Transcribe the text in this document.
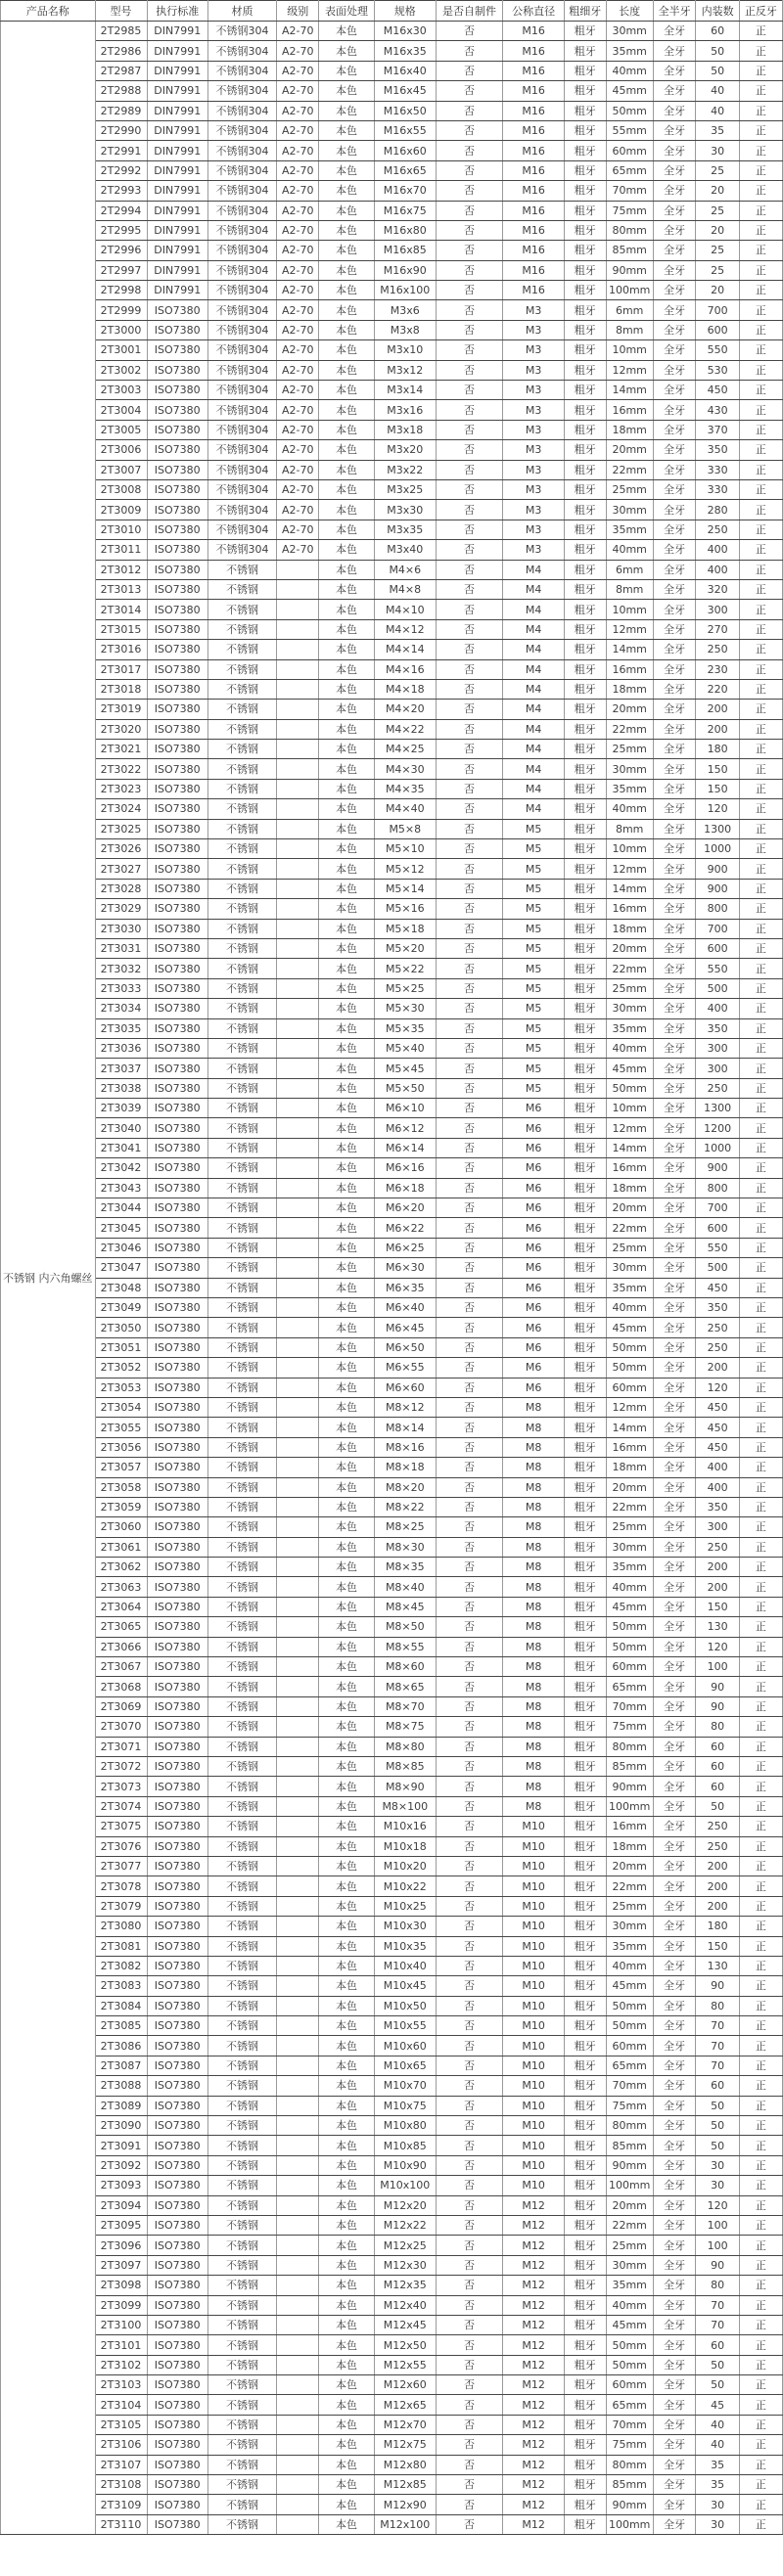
产品名称	型号	执行标准	材质	级别	表面处理	规格	是否自制件	公称直径	粗细牙	长度	全半牙	内装数	正反牙
不锈钢 内六角螺丝	2T2985	DIN7991	不锈钢304	A2-70	本色	M16x30	否	M16	粗牙	30mm	全牙	60	正
	2T2986	DIN7991	不锈钢304	A2-70	本色	M16x35	否	M16	粗牙	35mm	全牙	50	正
	2T2987	DIN7991	不锈钢304	A2-70	本色	M16x40	否	M16	粗牙	40mm	全牙	50	正
	2T2988	DIN7991	不锈钢304	A2-70	本色	M16x45	否	M16	粗牙	45mm	全牙	40	正
	2T2989	DIN7991	不锈钢304	A2-70	本色	M16x50	否	M16	粗牙	50mm	全牙	40	正
	2T2990	DIN7991	不锈钢304	A2-70	本色	M16x55	否	M16	粗牙	55mm	全牙	35	正
	2T2991	DIN7991	不锈钢304	A2-70	本色	M16x60	否	M16	粗牙	60mm	全牙	30	正
	2T2992	DIN7991	不锈钢304	A2-70	本色	M16x65	否	M16	粗牙	65mm	全牙	25	正
	2T2993	DIN7991	不锈钢304	A2-70	本色	M16x70	否	M16	粗牙	70mm	全牙	20	正
	2T2994	DIN7991	不锈钢304	A2-70	本色	M16x75	否	M16	粗牙	75mm	全牙	25	正
	2T2995	DIN7991	不锈钢304	A2-70	本色	M16x80	否	M16	粗牙	80mm	全牙	20	正
	2T2996	DIN7991	不锈钢304	A2-70	本色	M16x85	否	M16	粗牙	85mm	全牙	25	正
	2T2997	DIN7991	不锈钢304	A2-70	本色	M16x90	否	M16	粗牙	90mm	全牙	25	正
	2T2998	DIN7991	不锈钢304	A2-70	本色	M16x100	否	M16	粗牙	100mm	全牙	20	正
	2T2999	ISO7380	不锈钢304	A2-70	本色	M3x6	否	M3	粗牙	6mm	全牙	700	正
	2T3000	ISO7380	不锈钢304	A2-70	本色	M3x8	否	M3	粗牙	8mm	全牙	600	正
	2T3001	ISO7380	不锈钢304	A2-70	本色	M3x10	否	M3	粗牙	10mm	全牙	550	正
	2T3002	ISO7380	不锈钢304	A2-70	本色	M3x12	否	M3	粗牙	12mm	全牙	530	正
	2T3003	ISO7380	不锈钢304	A2-70	本色	M3x14	否	M3	粗牙	14mm	全牙	450	正
	2T3004	ISO7380	不锈钢304	A2-70	本色	M3x16	否	M3	粗牙	16mm	全牙	430	正
	2T3005	ISO7380	不锈钢304	A2-70	本色	M3x18	否	M3	粗牙	18mm	全牙	370	正
	2T3006	ISO7380	不锈钢304	A2-70	本色	M3x20	否	M3	粗牙	20mm	全牙	350	正
	2T3007	ISO7380	不锈钢304	A2-70	本色	M3x22	否	M3	粗牙	22mm	全牙	330	正
	2T3008	ISO7380	不锈钢304	A2-70	本色	M3x25	否	M3	粗牙	25mm	全牙	330	正
	2T3009	ISO7380	不锈钢304	A2-70	本色	M3x30	否	M3	粗牙	30mm	全牙	280	正
	2T3010	ISO7380	不锈钢304	A2-70	本色	M3x35	否	M3	粗牙	35mm	全牙	250	正
	2T3011	ISO7380	不锈钢304	A2-70	本色	M3x40	否	M3	粗牙	40mm	全牙	400	正
	2T3012	ISO7380	不锈钢		本色	M4×6	否	M4	粗牙	6mm	全牙	400	正
	2T3013	ISO7380	不锈钢		本色	M4×8	否	M4	粗牙	8mm	全牙	320	正
	2T3014	ISO7380	不锈钢		本色	M4×10	否	M4	粗牙	10mm	全牙	300	正
	2T3015	ISO7380	不锈钢		本色	M4×12	否	M4	粗牙	12mm	全牙	270	正
	2T3016	ISO7380	不锈钢		本色	M4×14	否	M4	粗牙	14mm	全牙	250	正
	2T3017	ISO7380	不锈钢		本色	M4×16	否	M4	粗牙	16mm	全牙	230	正
	2T3018	ISO7380	不锈钢		本色	M4×18	否	M4	粗牙	18mm	全牙	220	正
	2T3019	ISO7380	不锈钢		本色	M4×20	否	M4	粗牙	20mm	全牙	200	正
	2T3020	ISO7380	不锈钢		本色	M4×22	否	M4	粗牙	22mm	全牙	200	正
	2T3021	ISO7380	不锈钢		本色	M4×25	否	M4	粗牙	25mm	全牙	180	正
	2T3022	ISO7380	不锈钢		本色	M4×30	否	M4	粗牙	30mm	全牙	150	正
	2T3023	ISO7380	不锈钢		本色	M4×35	否	M4	粗牙	35mm	全牙	150	正
	2T3024	ISO7380	不锈钢		本色	M4×40	否	M4	粗牙	40mm	全牙	120	正
	2T3025	ISO7380	不锈钢		本色	M5×8	否	M5	粗牙	8mm	全牙	1300	正
	2T3026	ISO7380	不锈钢		本色	M5×10	否	M5	粗牙	10mm	全牙	1000	正
	2T3027	ISO7380	不锈钢		本色	M5×12	否	M5	粗牙	12mm	全牙	900	正
	2T3028	ISO7380	不锈钢		本色	M5×14	否	M5	粗牙	14mm	全牙	900	正
	2T3029	ISO7380	不锈钢		本色	M5×16	否	M5	粗牙	16mm	全牙	800	正
	2T3030	ISO7380	不锈钢		本色	M5×18	否	M5	粗牙	18mm	全牙	700	正
	2T3031	ISO7380	不锈钢		本色	M5×20	否	M5	粗牙	20mm	全牙	600	正
	2T3032	ISO7380	不锈钢		本色	M5×22	否	M5	粗牙	22mm	全牙	550	正
	2T3033	ISO7380	不锈钢		本色	M5×25	否	M5	粗牙	25mm	全牙	500	正
	2T3034	ISO7380	不锈钢		本色	M5×30	否	M5	粗牙	30mm	全牙	400	正
	2T3035	ISO7380	不锈钢		本色	M5×35	否	M5	粗牙	35mm	全牙	350	正
	2T3036	ISO7380	不锈钢		本色	M5×40	否	M5	粗牙	40mm	全牙	300	正
	2T3037	ISO7380	不锈钢		本色	M5×45	否	M5	粗牙	45mm	全牙	300	正
	2T3038	ISO7380	不锈钢		本色	M5×50	否	M5	粗牙	50mm	全牙	250	正
	2T3039	ISO7380	不锈钢		本色	M6×10	否	M6	粗牙	10mm	全牙	1300	正
	2T3040	ISO7380	不锈钢		本色	M6×12	否	M6	粗牙	12mm	全牙	1200	正
	2T3041	ISO7380	不锈钢		本色	M6×14	否	M6	粗牙	14mm	全牙	1000	正
	2T3042	ISO7380	不锈钢		本色	M6×16	否	M6	粗牙	16mm	全牙	900	正
	2T3043	ISO7380	不锈钢		本色	M6×18	否	M6	粗牙	18mm	全牙	800	正
	2T3044	ISO7380	不锈钢		本色	M6×20	否	M6	粗牙	20mm	全牙	700	正
	2T3045	ISO7380	不锈钢		本色	M6×22	否	M6	粗牙	22mm	全牙	600	正
	2T3046	ISO7380	不锈钢		本色	M6×25	否	M6	粗牙	25mm	全牙	550	正
	2T3047	ISO7380	不锈钢		本色	M6×30	否	M6	粗牙	30mm	全牙	500	正
	2T3048	ISO7380	不锈钢		本色	M6×35	否	M6	粗牙	35mm	全牙	450	正
	2T3049	ISO7380	不锈钢		本色	M6×40	否	M6	粗牙	40mm	全牙	350	正
	2T3050	ISO7380	不锈钢		本色	M6×45	否	M6	粗牙	45mm	全牙	250	正
	2T3051	ISO7380	不锈钢		本色	M6×50	否	M6	粗牙	50mm	全牙	250	正
	2T3052	ISO7380	不锈钢		本色	M6×55	否	M6	粗牙	50mm	全牙	200	正
	2T3053	ISO7380	不锈钢		本色	M6×60	否	M6	粗牙	60mm	全牙	120	正
	2T3054	ISO7380	不锈钢		本色	M8×12	否	M8	粗牙	12mm	全牙	450	正
	2T3055	ISO7380	不锈钢		本色	M8×14	否	M8	粗牙	14mm	全牙	450	正
	2T3056	ISO7380	不锈钢		本色	M8×16	否	M8	粗牙	16mm	全牙	450	正
	2T3057	ISO7380	不锈钢		本色	M8×18	否	M8	粗牙	18mm	全牙	400	正
	2T3058	ISO7380	不锈钢		本色	M8×20	否	M8	粗牙	20mm	全牙	400	正
	2T3059	ISO7380	不锈钢		本色	M8×22	否	M8	粗牙	22mm	全牙	350	正
	2T3060	ISO7380	不锈钢		本色	M8×25	否	M8	粗牙	25mm	全牙	300	正
	2T3061	ISO7380	不锈钢		本色	M8×30	否	M8	粗牙	30mm	全牙	250	正
	2T3062	ISO7380	不锈钢		本色	M8×35	否	M8	粗牙	35mm	全牙	200	正
	2T3063	ISO7380	不锈钢		本色	M8×40	否	M8	粗牙	40mm	全牙	200	正
	2T3064	ISO7380	不锈钢		本色	M8×45	否	M8	粗牙	45mm	全牙	150	正
	2T3065	ISO7380	不锈钢		本色	M8×50	否	M8	粗牙	50mm	全牙	130	正
	2T3066	ISO7380	不锈钢		本色	M8×55	否	M8	粗牙	50mm	全牙	120	正
	2T3067	ISO7380	不锈钢		本色	M8×60	否	M8	粗牙	60mm	全牙	100	正
	2T3068	ISO7380	不锈钢		本色	M8×65	否	M8	粗牙	65mm	全牙	90	正
	2T3069	ISO7380	不锈钢		本色	M8×70	否	M8	粗牙	70mm	全牙	90	正
	2T3070	ISO7380	不锈钢		本色	M8×75	否	M8	粗牙	75mm	全牙	80	正
	2T3071	ISO7380	不锈钢		本色	M8×80	否	M8	粗牙	80mm	全牙	60	正
	2T3072	ISO7380	不锈钢		本色	M8×85	否	M8	粗牙	85mm	全牙	60	正
	2T3073	ISO7380	不锈钢		本色	M8×90	否	M8	粗牙	90mm	全牙	60	正
	2T3074	ISO7380	不锈钢		本色	M8×100	否	M8	粗牙	100mm	全牙	50	正
	2T3075	ISO7380	不锈钢		本色	M10x16	否	M10	粗牙	16mm	全牙	250	正
	2T3076	ISO7380	不锈钢		本色	M10x18	否	M10	粗牙	18mm	全牙	250	正
	2T3077	ISO7380	不锈钢		本色	M10x20	否	M10	粗牙	20mm	全牙	200	正
	2T3078	ISO7380	不锈钢		本色	M10x22	否	M10	粗牙	22mm	全牙	200	正
	2T3079	ISO7380	不锈钢		本色	M10x25	否	M10	粗牙	25mm	全牙	200	正
	2T3080	ISO7380	不锈钢		本色	M10x30	否	M10	粗牙	30mm	全牙	180	正
	2T3081	ISO7380	不锈钢		本色	M10x35	否	M10	粗牙	35mm	全牙	150	正
	2T3082	ISO7380	不锈钢		本色	M10x40	否	M10	粗牙	40mm	全牙	130	正
	2T3083	ISO7380	不锈钢		本色	M10x45	否	M10	粗牙	45mm	全牙	90	正
	2T3084	ISO7380	不锈钢		本色	M10x50	否	M10	粗牙	50mm	全牙	80	正
	2T3085	ISO7380	不锈钢		本色	M10x55	否	M10	粗牙	50mm	全牙	70	正
	2T3086	ISO7380	不锈钢		本色	M10x60	否	M10	粗牙	60mm	全牙	70	正
	2T3087	ISO7380	不锈钢		本色	M10x65	否	M10	粗牙	65mm	全牙	70	正
	2T3088	ISO7380	不锈钢		本色	M10x70	否	M10	粗牙	70mm	全牙	60	正
	2T3089	ISO7380	不锈钢		本色	M10x75	否	M10	粗牙	75mm	全牙	50	正
	2T3090	ISO7380	不锈钢		本色	M10x80	否	M10	粗牙	80mm	全牙	50	正
	2T3091	ISO7380	不锈钢		本色	M10x85	否	M10	粗牙	85mm	全牙	50	正
	2T3092	ISO7380	不锈钢		本色	M10x90	否	M10	粗牙	90mm	全牙	30	正
	2T3093	ISO7380	不锈钢		本色	M10x100	否	M10	粗牙	100mm	全牙	30	正
	2T3094	ISO7380	不锈钢		本色	M12x20	否	M12	粗牙	20mm	全牙	120	正
	2T3095	ISO7380	不锈钢		本色	M12x22	否	M12	粗牙	22mm	全牙	100	正
	2T3096	ISO7380	不锈钢		本色	M12x25	否	M12	粗牙	25mm	全牙	100	正
	2T3097	ISO7380	不锈钢		本色	M12x30	否	M12	粗牙	30mm	全牙	90	正
	2T3098	ISO7380	不锈钢		本色	M12x35	否	M12	粗牙	35mm	全牙	80	正
	2T3099	ISO7380	不锈钢		本色	M12x40	否	M12	粗牙	40mm	全牙	70	正
	2T3100	ISO7380	不锈钢		本色	M12x45	否	M12	粗牙	45mm	全牙	70	正
	2T3101	ISO7380	不锈钢		本色	M12x50	否	M12	粗牙	50mm	全牙	60	正
	2T3102	ISO7380	不锈钢		本色	M12x55	否	M12	粗牙	50mm	全牙	50	正
	2T3103	ISO7380	不锈钢		本色	M12x60	否	M12	粗牙	60mm	全牙	50	正
	2T3104	ISO7380	不锈钢		本色	M12x65	否	M12	粗牙	65mm	全牙	45	正
	2T3105	ISO7380	不锈钢		本色	M12x70	否	M12	粗牙	70mm	全牙	40	正
	2T3106	ISO7380	不锈钢		本色	M12x75	否	M12	粗牙	75mm	全牙	40	正
	2T3107	ISO7380	不锈钢		本色	M12x80	否	M12	粗牙	80mm	全牙	35	正
	2T3108	ISO7380	不锈钢		本色	M12x85	否	M12	粗牙	85mm	全牙	35	正
	2T3109	ISO7380	不锈钢		本色	M12x90	否	M12	粗牙	90mm	全牙	30	正
	2T3110	ISO7380	不锈钢		本色	M12x100	否	M12	粗牙	100mm	全牙	30	正
